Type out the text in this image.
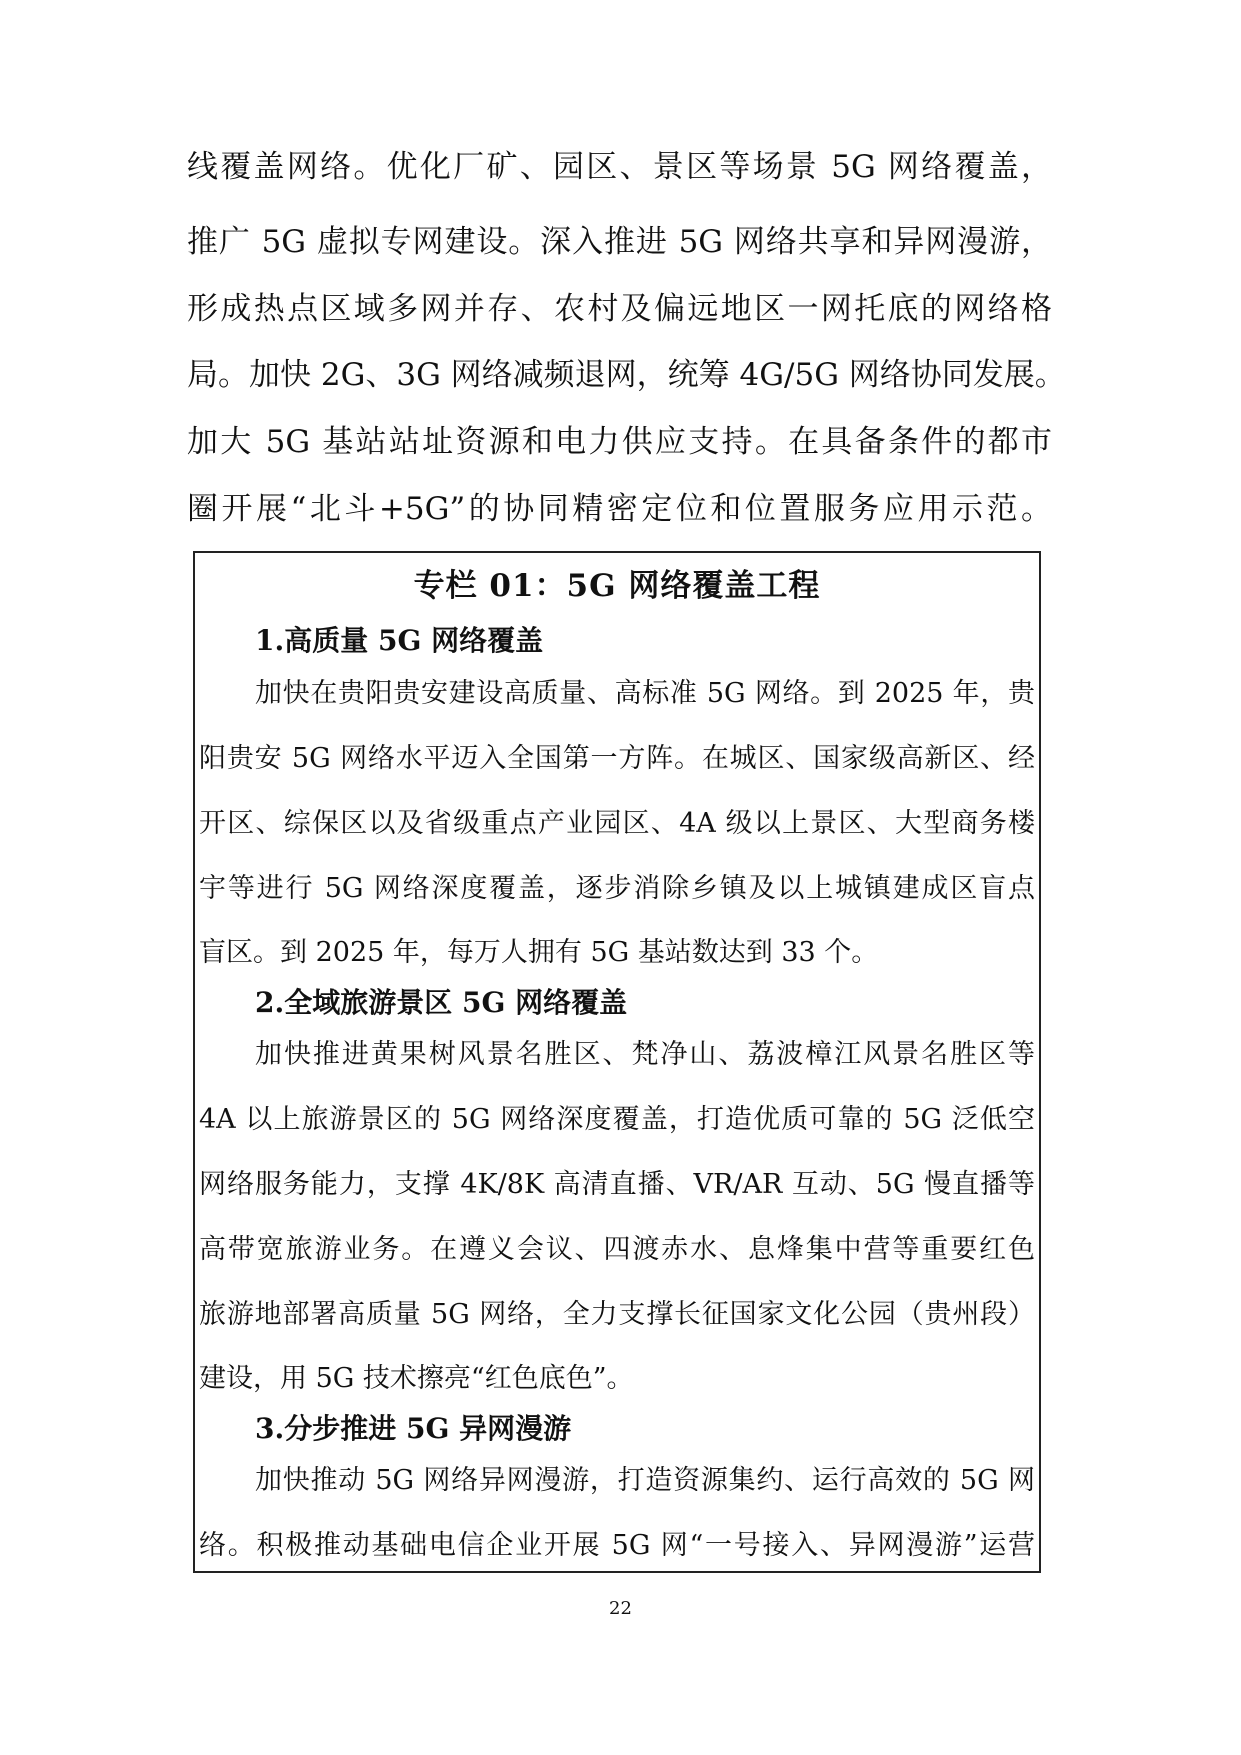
线覆盖网络。优化厂矿、园区、景区等场景 5G 网络覆盖，
推广 5G 虚拟专网建设。深入推进 5G 网络共享和异网漫游，
形成热点区域多网并存、农村及偏远地区一网托底的网络格
局。加快 2G、3G 网络减频退网，统筹 4G/5G 网络协同发展。
加大 5G 基站站址资源和电力供应支持。在具备条件的都市
圈开展“北斗+5G”的协同精密定位和位置服务应用示范。
专栏 01：5G 网络覆盖工程
1.高质量 5G 网络覆盖
加快在贵阳贵安建设高质量、高标准 5G 网络。到 2025 年，贵
阳贵安 5G 网络水平迈入全国第一方阵。在城区、国家级高新区、经
开区、综保区以及省级重点产业园区、4A 级以上景区、大型商务楼
宇等进行 5G 网络深度覆盖，逐步消除乡镇及以上城镇建成区盲点
盲区。到 2025 年，每万人拥有 5G 基站数达到 33 个。
2.全域旅游景区 5G 网络覆盖
加快推进黄果树风景名胜区、梵净山、荔波樟江风景名胜区等
4A 以上旅游景区的 5G 网络深度覆盖，打造优质可靠的 5G 泛低空
网络服务能力，支撑 4K/8K 高清直播、VR/AR 互动、5G 慢直播等
高带宽旅游业务。在遵义会议、四渡赤水、息烽集中营等重要红色
旅游地部署高质量 5G 网络，全力支撑长征国家文化公园（贵州段）
建设，用 5G 技术擦亮“红色底色”。
3.分步推进 5G 异网漫游
加快推动 5G 网络异网漫游，打造资源集约、运行高效的 5G 网
络。积极推动基础电信企业开展 5G 网“一号接入、异网漫游”运营
22
